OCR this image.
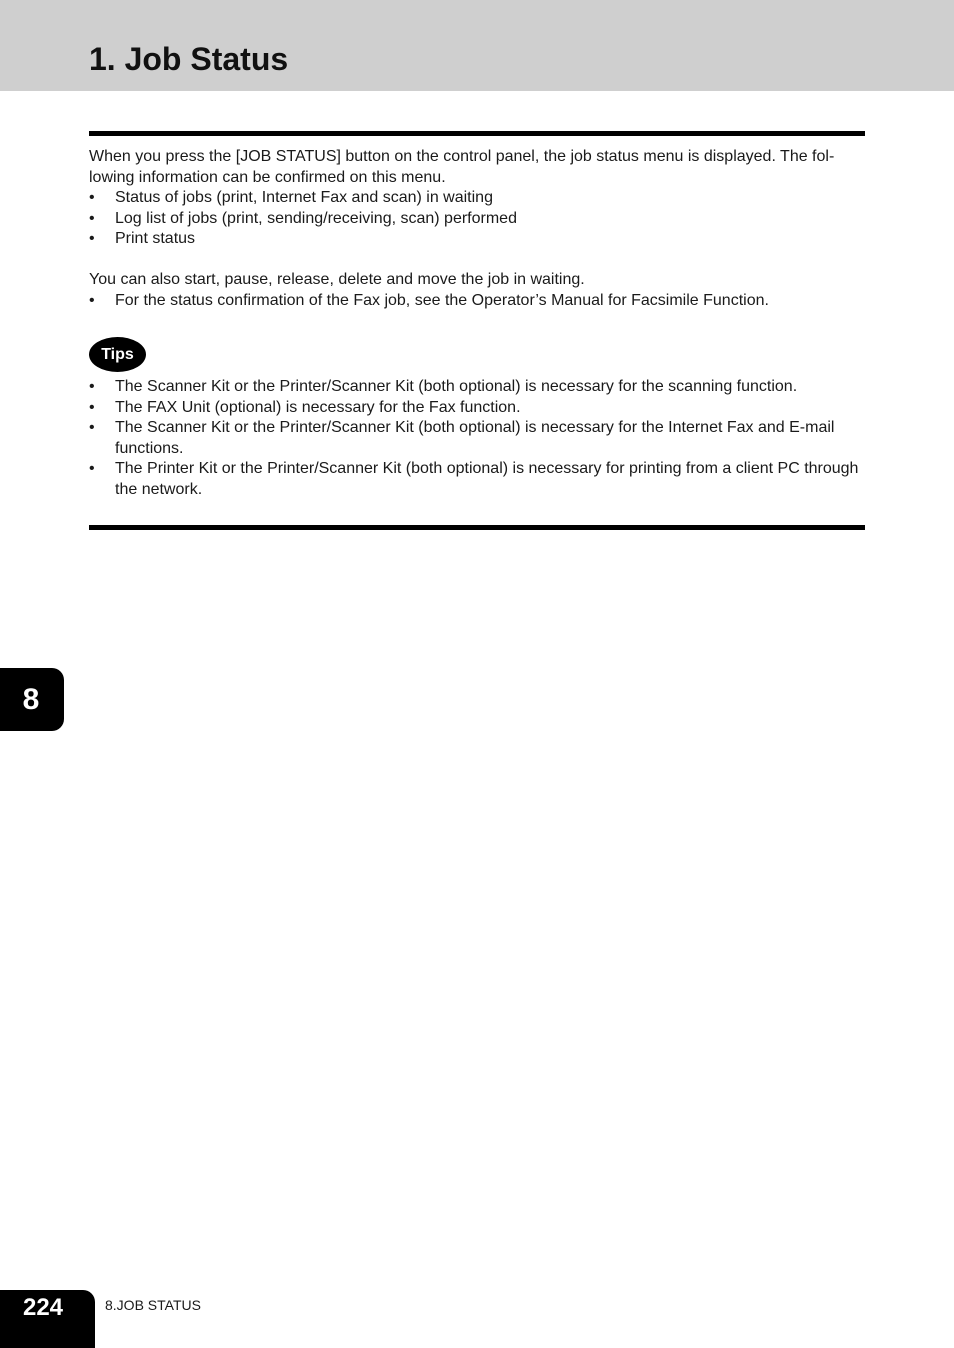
1. Job Status

When you press the [JOB STATUS] button on the control panel, the job status menu is displayed. The fol-lowing information can be confirmed on this menu.

•	Status of jobs (print, Internet Fax and scan) in waiting
•	Log list of jobs (print, sending/receiving, scan) performed
•	Print status

You can also start, pause, release, delete and move the job in waiting.

•	For the status confirmation of the Fax job, see the Operator’s Manual for Facsimile Function.
Tips
•	The Scanner Kit or the Printer/Scanner Kit (both optional) is necessary for the scanning function.
•	The FAX Unit (optional) is necessary for the Fax function.
•	The Scanner Kit or the Printer/Scanner Kit (both optional) is necessary for the Internet Fax and E-mail functions.
•	The Printer Kit or the Printer/Scanner Kit (both optional) is necessary for printing from a client PC through the network.
8
224	8.JOB STATUS
